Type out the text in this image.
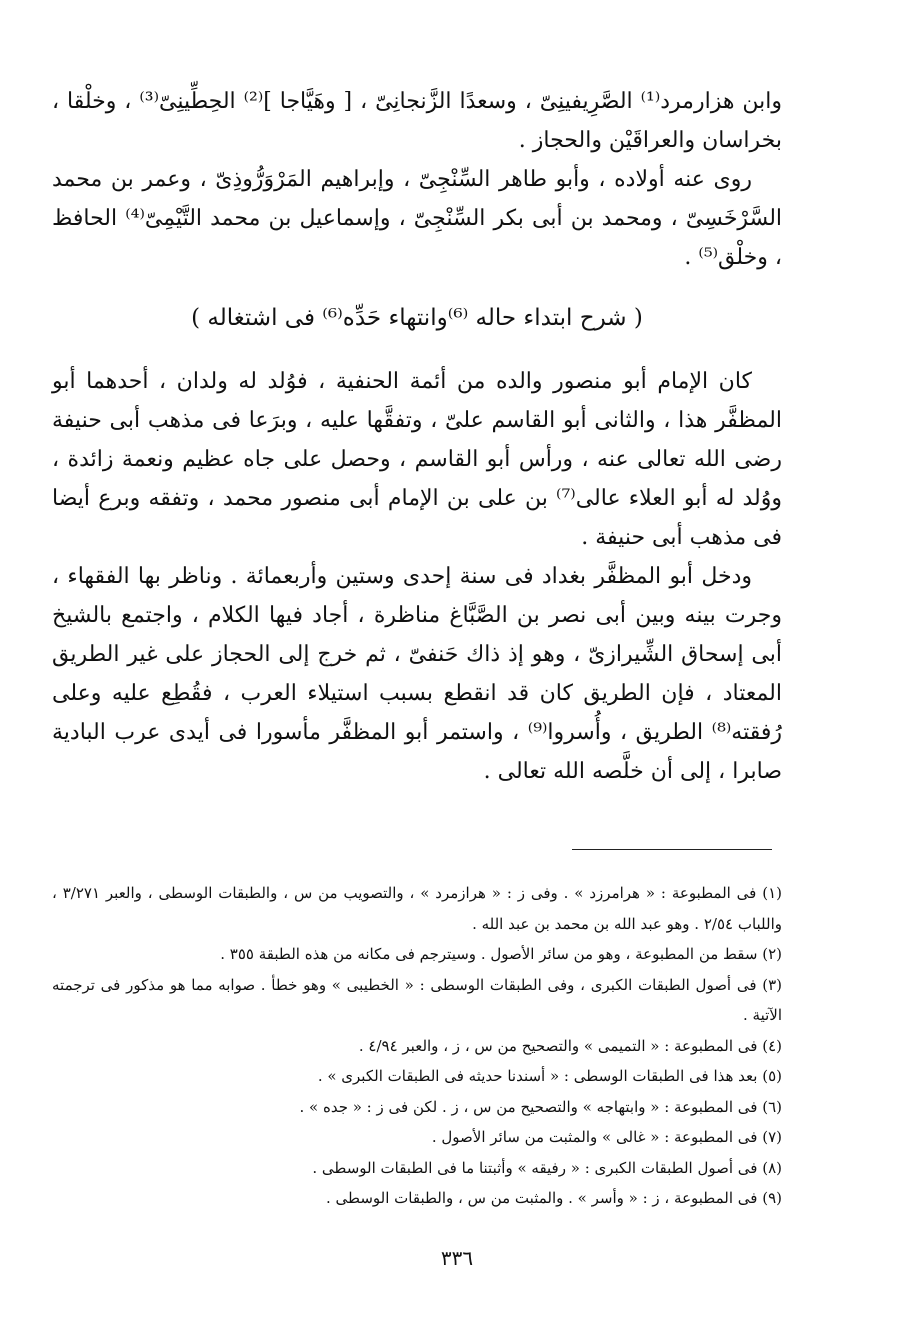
وابن هزارمرد⁽¹⁾ الصَّرِيفينِىّ ، وسعدًا الزَّنجانِىّ ، [ وهَيَّاجا ]⁽²⁾ الحِطِّينِىّ⁽³⁾ ، وخلْقا ، بخراسان والعراقَيْن والحجاز .

روى عنه أولاده ، وأبو طاهر السِّنْجِىّ ، وإبراهيم المَرْوَرُّوذِىّ ، وعمر بن محمد السَّرْخَسِىّ ، ومحمد بن أبى بكر السِّنْجِىّ ، وإسماعيل بن محمد التَّيْمِىّ⁽⁴⁾ الحافظ ، وخلْق⁽⁵⁾ .

( شرح ابتداء حاله ⁽⁶⁾وانتهاء حَدِّه⁽⁶⁾ فى اشتغاله )

كان الإمام أبو منصور والده من أئمة الحنفية ، فوُلد له ولدان ، أحدهما أبو المظفَّر هذا ، والثانى أبو القاسم علىّ ، وتفقَّها عليه ، وبرَعا فى مذهب أبى حنيفة رضى الله تعالى عنه ، ورأس أبو القاسم ، وحصل على جاه عظيم ونعمة زائدة ، ووُلد له أبو العلاء عالى⁽⁷⁾ بن على بن الإمام أبى منصور محمد ، وتفقه وبرع أيضا فى مذهب أبى حنيفة .

ودخل أبو المظفَّر بغداد فى سنة إحدى وستين وأربعمائة . وناظر بها الفقهاء ، وجرت بينه وبين أبى نصر بن الصَّبَّاغ مناظرة ، أجاد فيها الكلام ، واجتمع بالشيخ أبى إسحاق الشِّيرازىّ ، وهو إذ ذاك حَنفىّ ، ثم خرج إلى الحجاز على غير الطريق المعتاد ، فإن الطريق كان قد انقطع بسبب استيلاء العرب ، فقُطِع عليه وعلى رُفقته⁽⁸⁾ الطريق ، وأُسروا⁽⁹⁾ ، واستمر أبو المظفَّر مأسورا فى أيدى عرب البادية صابرا ، إلى أن خلَّصه الله تعالى .

(١) فى المطبوعة : « هرامرزد » . وفى ز : « هرازمرد » ، والتصويب من س ، والطبقات الوسطى ، والعبر ٣/٢٧١ ، واللباب ٢/٥٤ . وهو عبد الله بن محمد بن عبد الله .

(٢) سقط من المطبوعة ، وهو من سائر الأصول . وسيترجم فى مكانه من هذه الطبقة ٣٥٥ .

(٣) فى أصول الطبقات الكبرى ، وفى الطبقات الوسطى : « الخطيبى » وهو خطأ . صوابه مما هو مذكور فى ترجمته الآتية .

(٤) فى المطبوعة : « التميمى » والتصحيح من س ، ز ، والعبر ٤/٩٤ .

(٥) بعد هذا فى الطبقات الوسطى : « أسندنا حديثه فى الطبقات الكبرى » .

(٦) فى المطبوعة : « وابتهاجه » والتصحيح من س ، ز . لكن فى ز : « جده » .

(٧) فى المطبوعة : « غالى » والمثبت من سائر الأصول .

(٨) فى أصول الطبقات الكبرى : « رفيقه » وأثبتنا ما فى الطبقات الوسطى .

(٩) فى المطبوعة ، ز : « وأسر » . والمثبت من س ، والطبقات الوسطى .

٣٣٦
